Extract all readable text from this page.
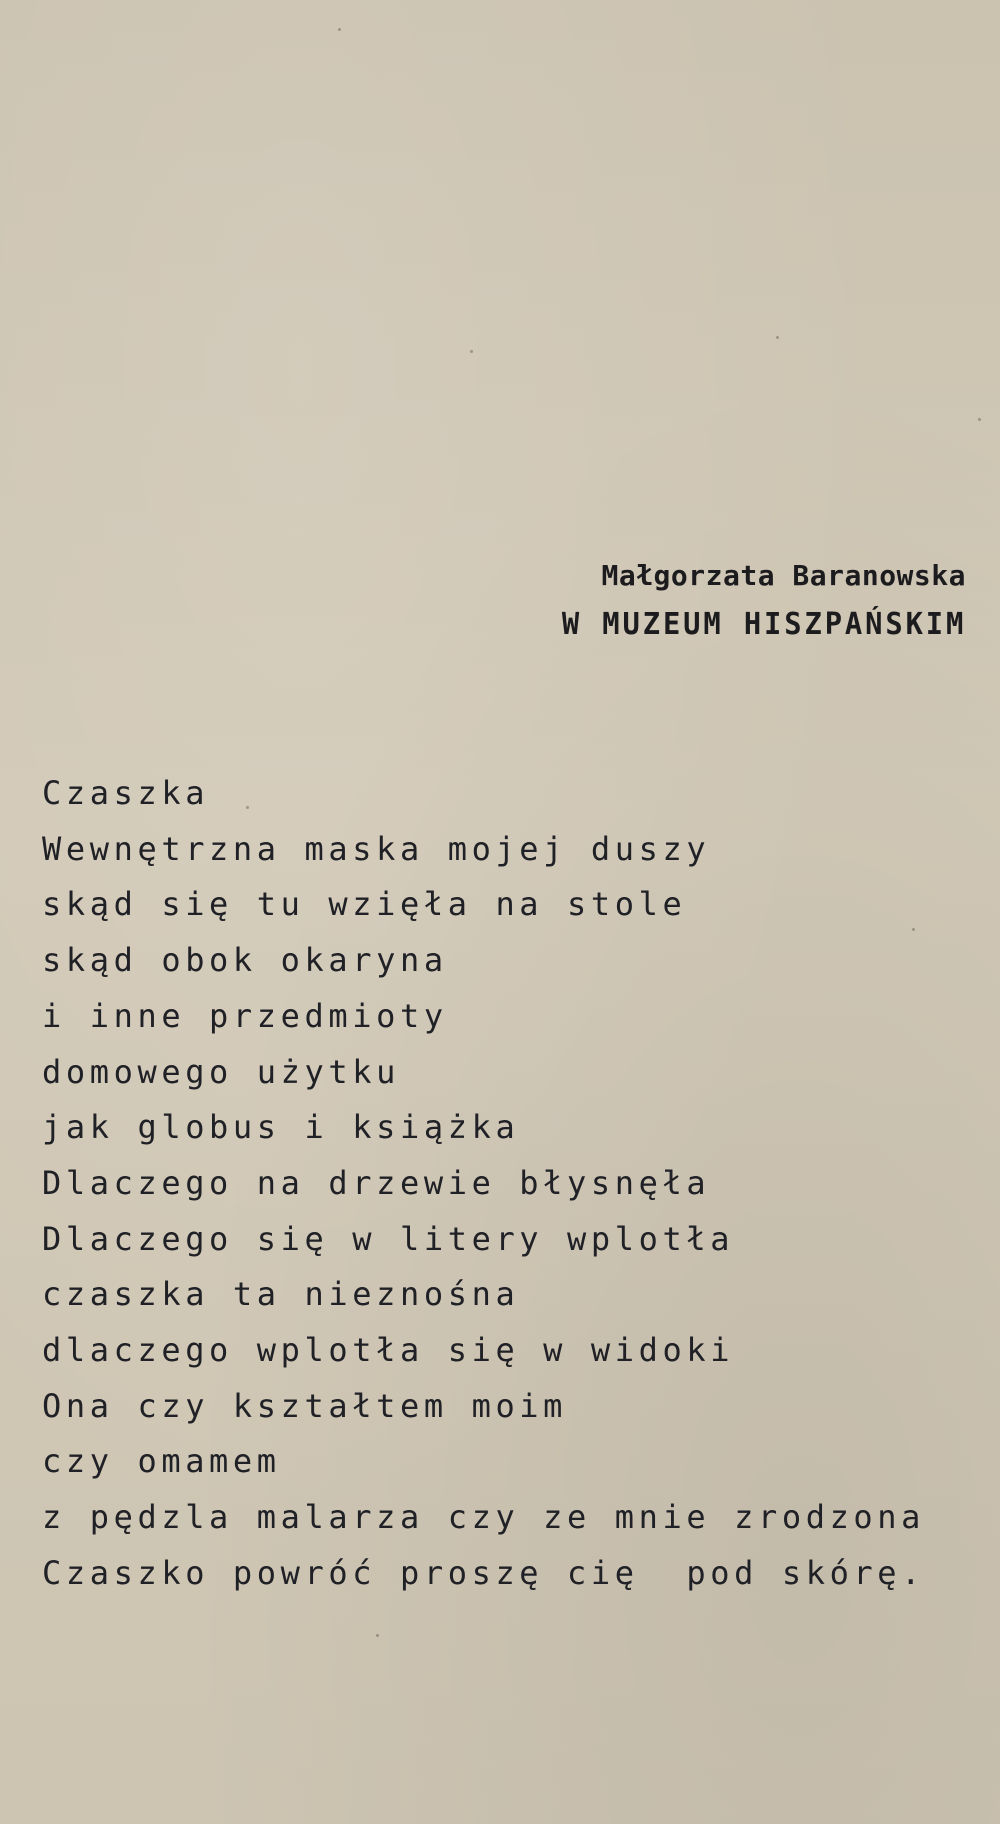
Małgorzata Baranowska
W MUZEUM HISZPAŃSKIM
Czaszka
Wewnętrzna maska mojej duszy
skąd się tu wzięła na stole
skąd obok okaryna
i inne przedmioty
domowego użytku
jak globus i książka
Dlaczego na drzewie błysnęła
Dlaczego się w litery wplotła
czaszka ta nieznośna
dlaczego wplotła się w widoki
Ona czy kształtem moim
czy omamem
z pędzla malarza czy ze mnie zrodzona
Czaszko powróć proszę cię  pod skórę.
